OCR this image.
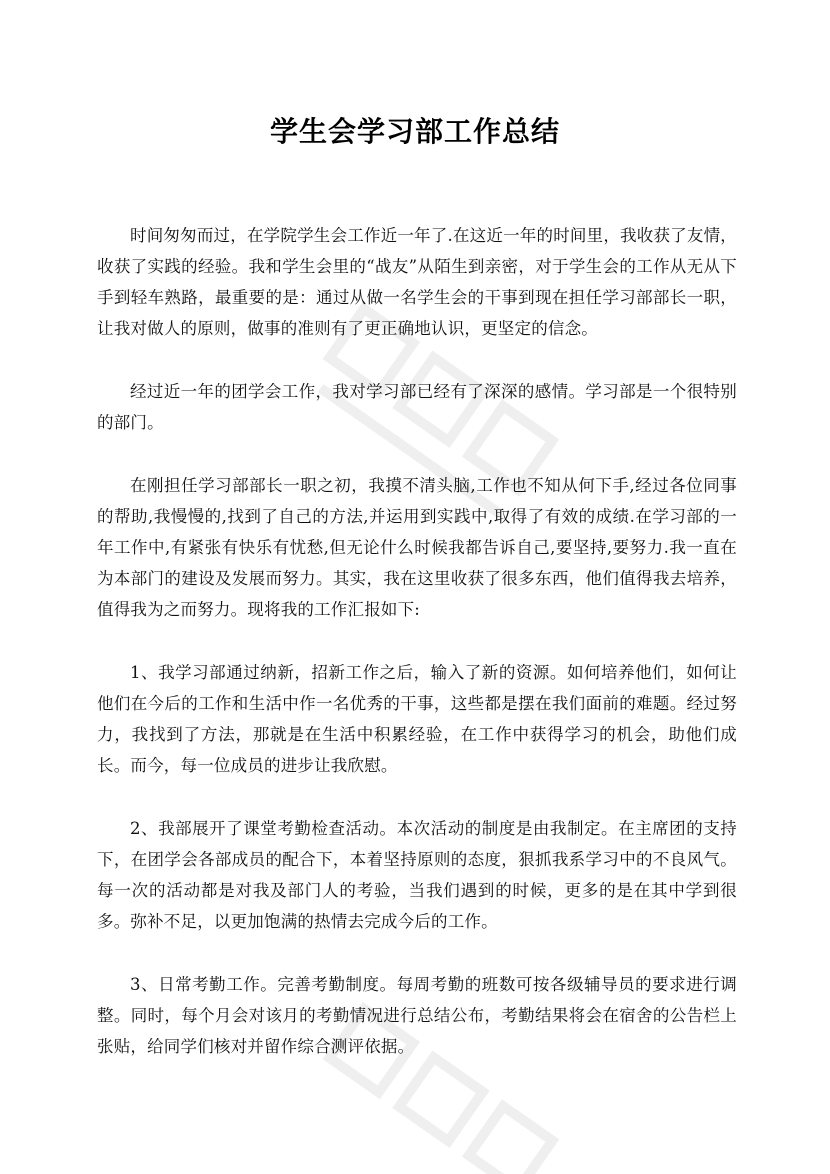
学生会学习部工作总结

时间匆匆而过，在学院学生会工作近一年了.在这近一年的时间里，我收获了友情，收获了实践的经验。我和学生会里的“战友”从陌生到亲密，对于学生会的工作从无从下手到轻车熟路，最重要的是：通过从做一名学生会的干事到现在担任学习部部长一职，让我对做人的原则，做事的准则有了更正确地认识，更坚定的信念。

经过近一年的团学会工作，我对学习部已经有了深深的感情。学习部是一个很特别的部门。

在刚担任学习部部长一职之初，我摸不清头脑,工作也不知从何下手,经过各位同事的帮助,我慢慢的,找到了自己的方法,并运用到实践中,取得了有效的成绩.在学习部的一年工作中,有紧张有快乐有忧愁,但无论什么时候我都告诉自己,要坚持,要努力.我一直在为本部门的建设及发展而努力。其实，我在这里收获了很多东西，他们值得我去培养，值得我为之而努力。现将我的工作汇报如下:

1、我学习部通过纳新，招新工作之后，输入了新的资源。如何培养他们，如何让他们在今后的工作和生活中作一名优秀的干事，这些都是摆在我们面前的难题。经过努力，我找到了方法，那就是在生活中积累经验，在工作中获得学习的机会，助他们成长。而今，每一位成员的进步让我欣慰。

2、我部展开了课堂考勤检查活动。本次活动的制度是由我制定。在主席团的支持下，在团学会各部成员的配合下，本着坚持原则的态度，狠抓我系学习中的不良风气。每一次的活动都是对我及部门人的考验，当我们遇到的时候，更多的是在其中学到很多。弥补不足，以更加饱满的热情去完成今后的工作。

3、日常考勤工作。完善考勤制度。每周考勤的班数可按各级辅导员的要求进行调整。同时，每个月会对该月的考勤情况进行总结公布，考勤结果将会在宿舍的公告栏上张贴，给同学们核对并留作综合测评依据。
